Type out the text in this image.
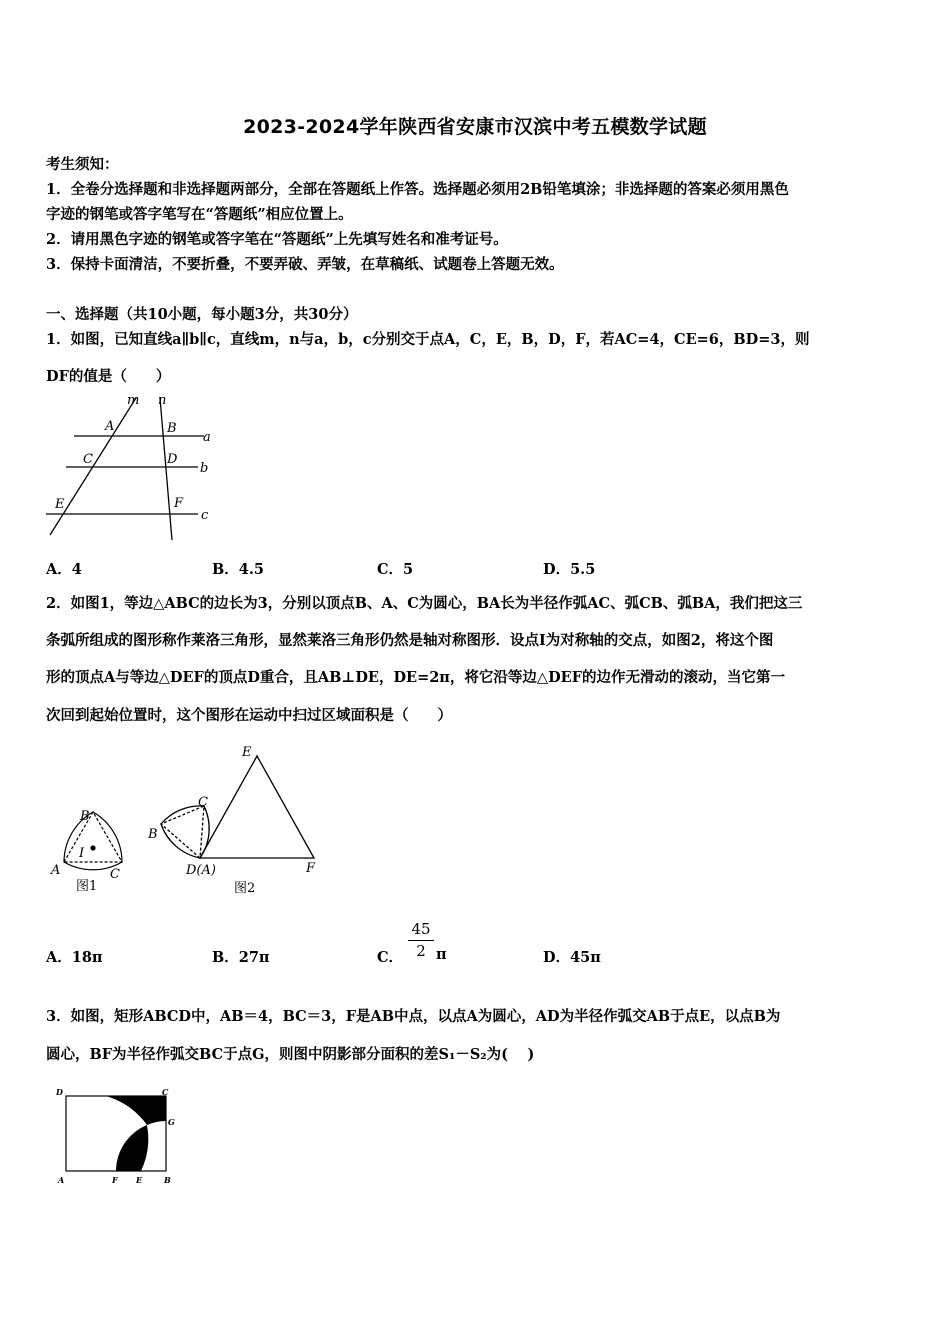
2023-2024学年陕西省安康市汉滨中考五模数学试题
考生须知：
1．全卷分选择题和非选择题两部分，全部在答题纸上作答。选择题必须用2B铅笔填涂；非选择题的答案必须用黑色
字迹的钢笔或答字笔写在“答题纸”相应位置上。
2．请用黑色字迹的钢笔或答字笔在“答题纸”上先填写姓名和准考证号。
3．保持卡面清洁，不要折叠，不要弄破、弄皱，在草稿纸、试题卷上答题无效。
一、选择题（共10小题，每小题3分，共30分）
1．如图，已知直线a∥b∥c，直线m，n与a，b，c分别交于点A，C，E，B，D，F，若AC=4，CE=6，BD=3，则
DF的值是（　　）
m n
A	B
C	D
E	F
a
b
c
A．4	B．4.5	C．5	D．5.5
2．如图1，等边△ABC的边长为3，分别以顶点B、A、C为圆心，BA长为半径作弧AC、弧CB、弧BA，我们把这三
条弧所组成的图形称作莱洛三角形，显然莱洛三角形仍然是轴对称图形．设点I为对称轴的交点，如图2，将这个图
形的顶点A与等边△DEF的顶点D重合，且AB⊥DE，DE=2π，将它沿等边△DEF的边作无滑动的滚动，当它第一
次回到起始位置时，这个图形在运动中扫过区域面积是（　　）
B
A	C
I
图1
C
B
E
D(A)	F
图2
A．18π	B．27π	C． $\frac{45}{2}$ π	D．45π
3．如图，矩形ABCD中，AB＝4，BC＝3，F是AB中点，以点A为圆心，AD为半径作弧交AB于点E，以点B为
圆心，BF为半径作弧交BC于点G，则图中阴影部分面积的差S₁－S₂为(　 )
D	C
G
A	F E	B
